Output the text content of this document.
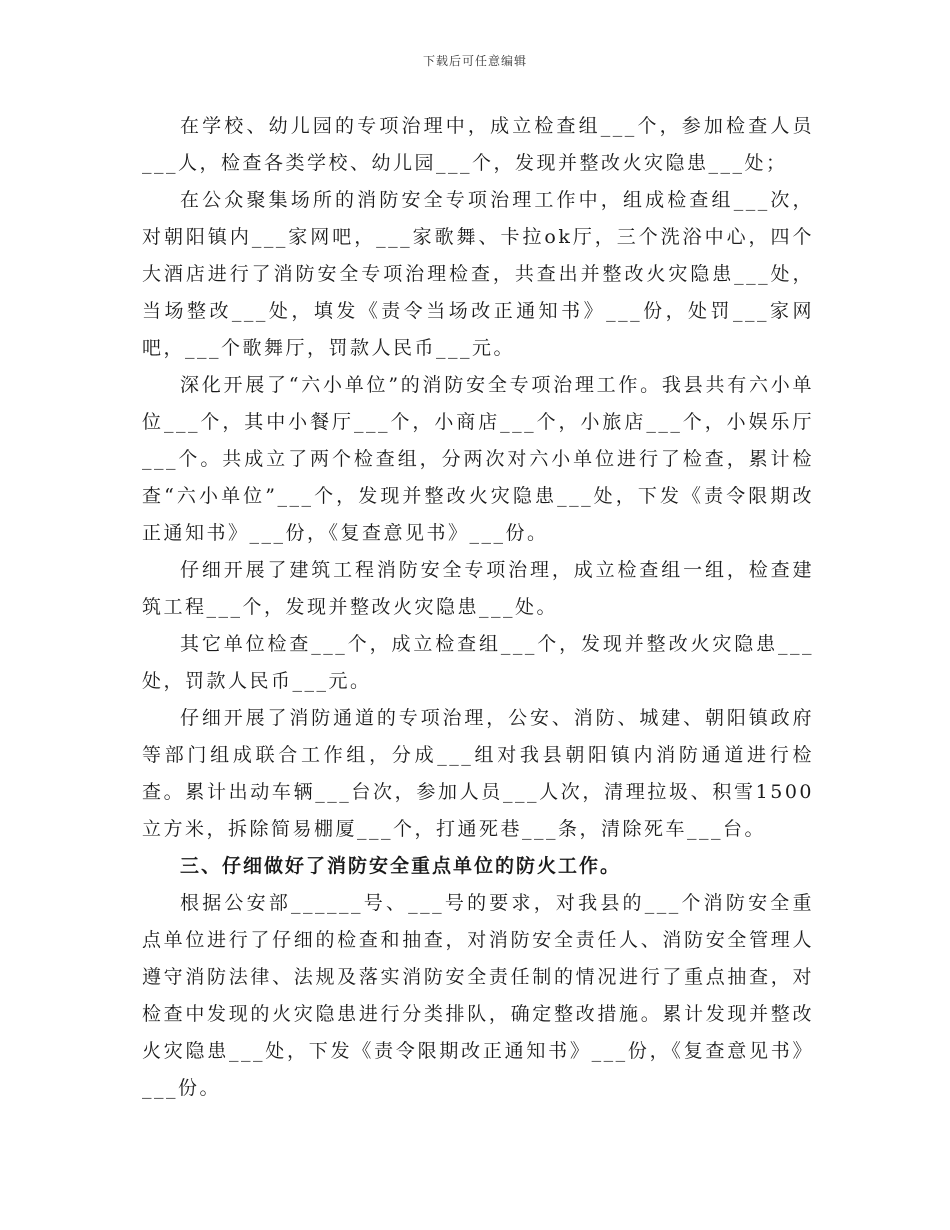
下载后可任意编辑

在学校、幼儿园的专项治理中，成立检查组___个，参加检查人员___人，检查各类学校、幼儿园___个，发现并整改火灾隐患___处；

在公众聚集场所的消防安全专项治理工作中，组成检查组___次，对朝阳镇内___家网吧，___家歌舞、卡拉ok厅，三个洗浴中心，四个大酒店进行了消防安全专项治理检查，共查出并整改火灾隐患___处，当场整改___处，填发《责令当场改正通知书》___份，处罚___家网吧，___个歌舞厅，罚款人民币___元。

深化开展了“六小单位”的消防安全专项治理工作。我县共有六小单位___个，其中小餐厅___个，小商店___个，小旅店___个，小娱乐厅___个。共成立了两个检查组，分两次对六小单位进行了检查，累计检查“六小单位”___个，发现并整改火灾隐患___处，下发《责令限期改正通知书》___份，《复查意见书》___份。

仔细开展了建筑工程消防安全专项治理，成立检查组一组，检查建筑工程___个，发现并整改火灾隐患___处。

其它单位检查___个，成立检查组___个，发现并整改火灾隐患___处，罚款人民币___元。

仔细开展了消防通道的专项治理，公安、消防、城建、朝阳镇政府等部门组成联合工作组，分成___组对我县朝阳镇内消防通道进行检查。累计出动车辆___台次，参加人员___人次，清理拉圾、积雪1500立方米，拆除简易棚厦___个，打通死巷___条，清除死车___台。

三、仔细做好了消防安全重点单位的防火工作。

根据公安部______号、___号的要求，对我县的___个消防安全重点单位进行了仔细的检查和抽查，对消防安全责任人、消防安全管理人遵守消防法律、法规及落实消防安全责任制的情况进行了重点抽查，对检查中发现的火灾隐患进行分类排队，确定整改措施。累计发现并整改火灾隐患___处，下发《责令限期改正通知书》___份，《复查意见书》___份。
